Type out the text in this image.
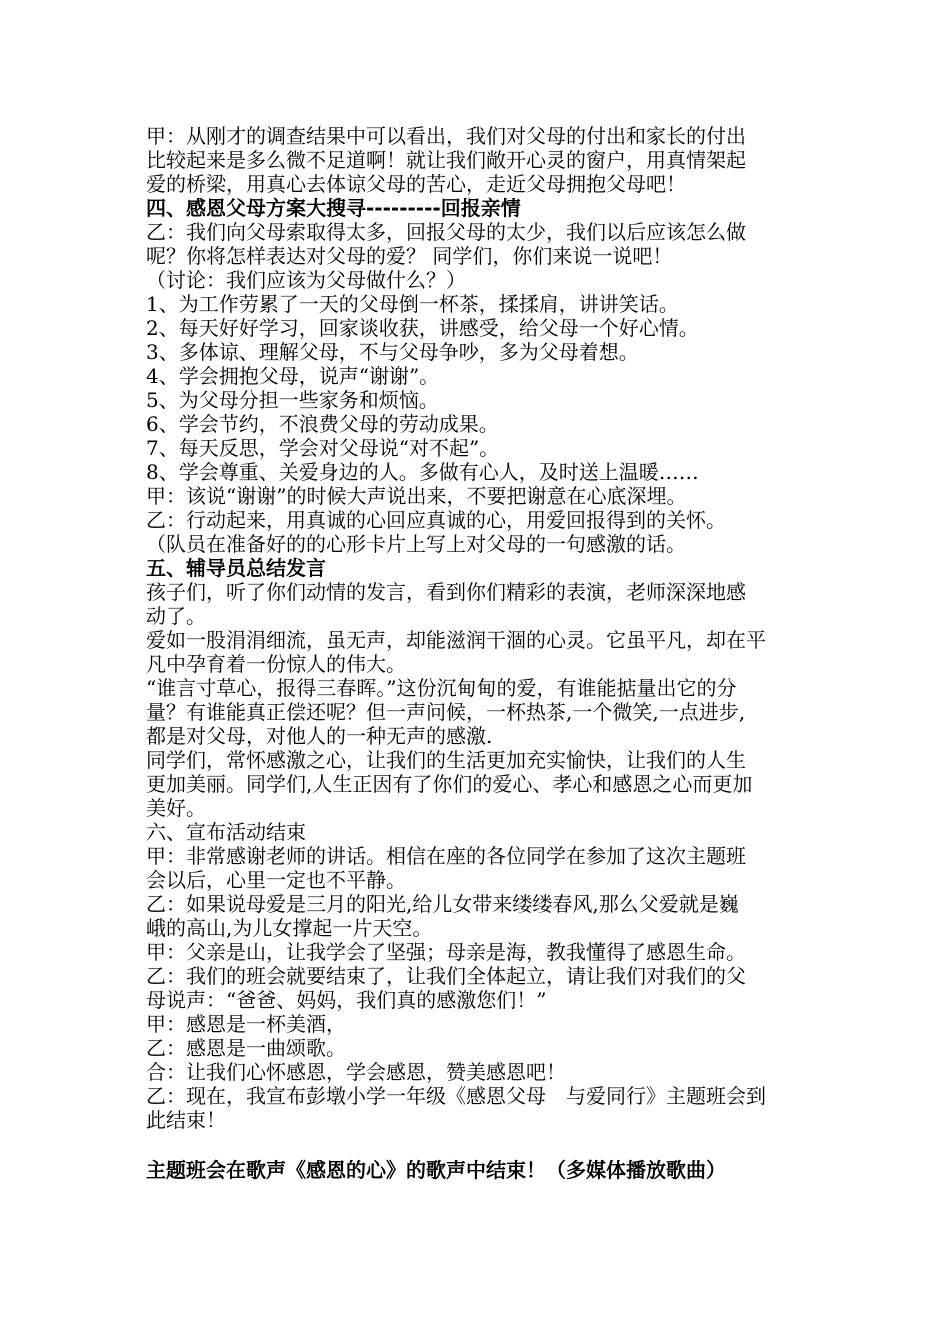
甲：从刚才的调查结果中可以看出，我们对父母的付出和家长的付出
比较起来是多么微不足道啊！就让我们敞开心灵的窗户，用真情架起
爱的桥梁，用真心去体谅父母的苦心，走近父母拥抱父母吧！
四、感恩父母方案大搜寻---------回报亲情
乙：我们向父母索取得太多，回报父母的太少，我们以后应该怎么做
呢？你将怎样表达对父母的爱？ 同学们，你们来说一说吧！
（讨论：我们应该为父母做什么？）
1、为工作劳累了一天的父母倒一杯茶，揉揉肩，讲讲笑话。
2、每天好好学习，回家谈收获，讲感受，给父母一个好心情。
3、多体谅、理解父母，不与父母争吵，多为父母着想。
4、学会拥抱父母，说声“谢谢”。
5、为父母分担一些家务和烦恼。
6、学会节约，不浪费父母的劳动成果。
7、每天反思，学会对父母说“对不起”。
8、学会尊重、关爱身边的人。多做有心人，及时送上温暖……
甲：该说“谢谢”的时候大声说出来，不要把谢意在心底深埋。
乙：行动起来，用真诚的心回应真诚的心，用爱回报得到的关怀。
（队员在准备好的的心形卡片上写上对父母的一句感激的话。
五、辅导员总结发言
孩子们，听了你们动情的发言，看到你们精彩的表演，老师深深地感
动了。
爱如一股涓涓细流，虽无声，却能滋润干涸的心灵。它虽平凡，却在平
凡中孕育着一份惊人的伟大。
“谁言寸草心，报得三春晖。”这份沉甸甸的爱，有谁能掂量出它的分
量？有谁能真正偿还呢？但一声问候，一杯热茶,一个微笑,一点进步,
都是对父母，对他人的一种无声的感激.
同学们，常怀感激之心，让我们的生活更加充实愉快，让我们的人生
更加美丽。同学们,人生正因有了你们的爱心、孝心和感恩之心而更加
美好。
六、宣布活动结束
甲：非常感谢老师的讲话。相信在座的各位同学在参加了这次主题班
会以后，心里一定也不平静。
乙：如果说母爱是三月的阳光,给儿女带来缕缕春风,那么父爱就是巍
峨的高山,为儿女撑起一片天空。
甲：父亲是山，让我学会了坚强；母亲是海，教我懂得了感恩生命。
乙：我们的班会就要结束了，让我们全体起立，请让我们对我们的父
母说声：“爸爸、妈妈，我们真的感激您们！”
甲：感恩是一杯美酒，
乙：感恩是一曲颂歌。
合：让我们心怀感恩，学会感恩，赞美感恩吧！
乙：现在，我宣布彭墩小学一年级《感恩父母　与爱同行》主题班会到
此结束！
主题班会在歌声《感恩的心》的歌声中结束！（多媒体播放歌曲）
